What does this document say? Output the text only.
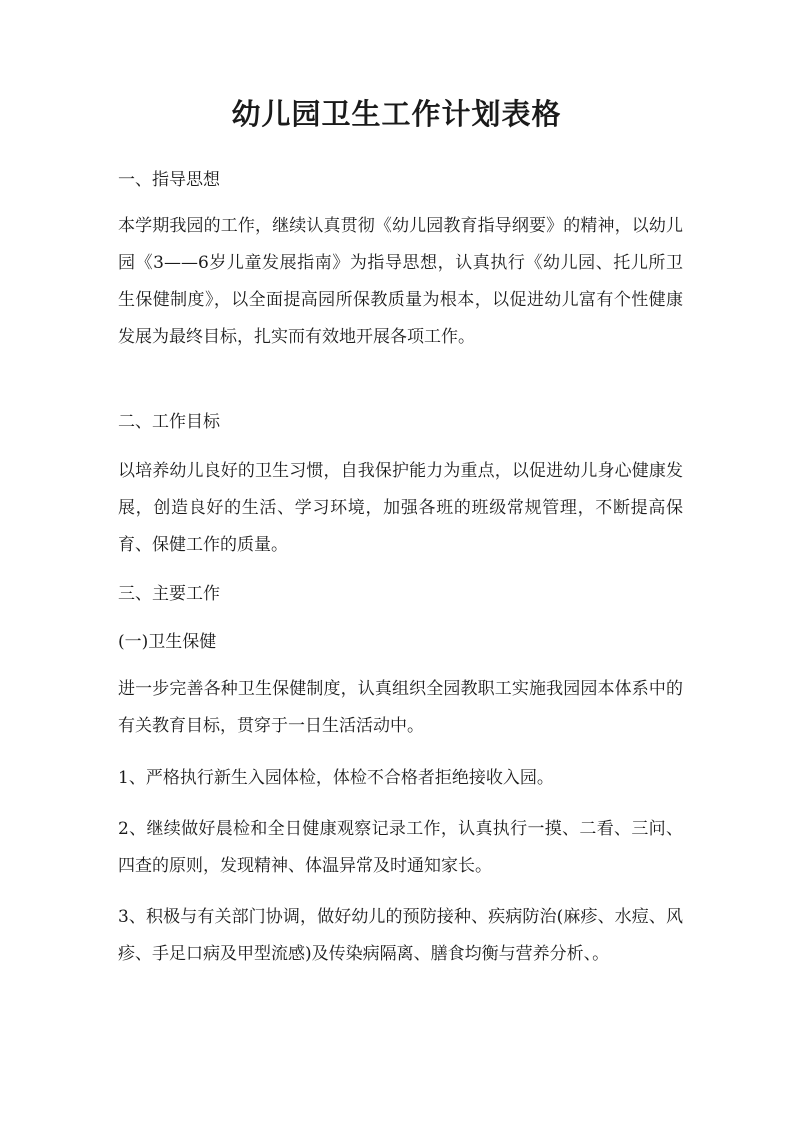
幼儿园卫生工作计划表格

一、指导思想

本学期我园的工作，继续认真贯彻《幼儿园教育指导纲要》的精神，以幼儿园《3——6岁儿童发展指南》为指导思想，认真执行《幼儿园、托儿所卫生保健制度》，以全面提高园所保教质量为根本，以促进幼儿富有个性健康发展为最终目标，扎实而有效地开展各项工作。

二、工作目标

以培养幼儿良好的卫生习惯，自我保护能力为重点，以促进幼儿身心健康发展，创造良好的生活、学习环境，加强各班的班级常规管理，不断提高保育、保健工作的质量。

三、主要工作

(一)卫生保健

进一步完善各种卫生保健制度，认真组织全园教职工实施我园园本体系中的有关教育目标，贯穿于一日生活活动中。

1、严格执行新生入园体检，体检不合格者拒绝接收入园。

2、继续做好晨检和全日健康观察记录工作，认真执行一摸、二看、三问、四查的原则，发现精神、体温异常及时通知家长。

3、积极与有关部门协调，做好幼儿的预防接种、疾病防治(麻疹、水痘、风疹、手足口病及甲型流感)及传染病隔离、膳食均衡与营养分析、。
